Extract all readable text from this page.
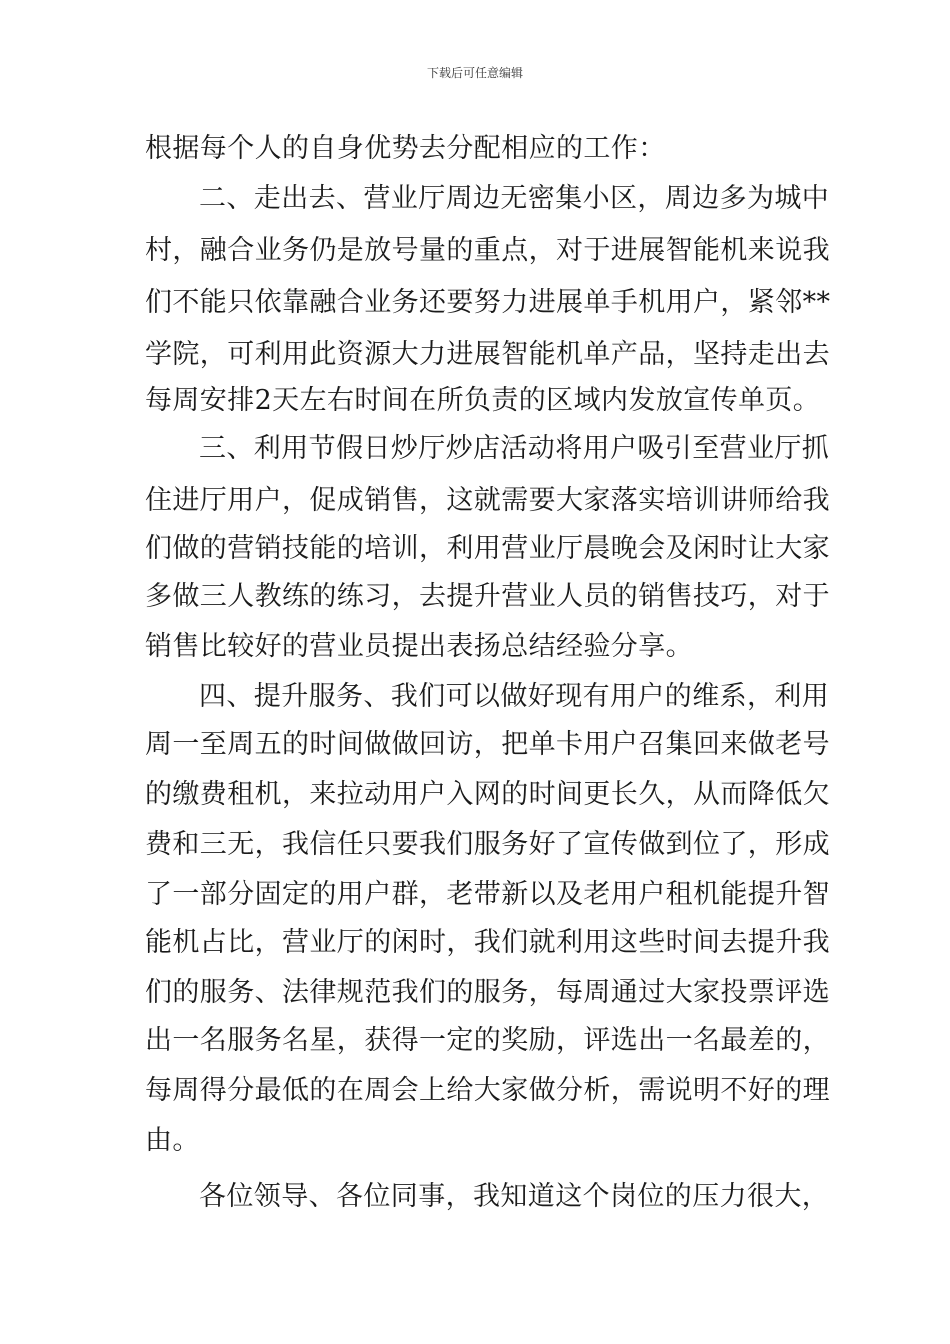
下载后可任意编辑
根据每个人的自身优势去分配相应的工作：
二、走出去、营业厅周边无密集小区，周边多为城中
村，融合业务仍是放号量的重点，对于进展智能机来说我
们不能只依靠融合业务还要努力进展单手机用户，紧邻**
学院，可利用此资源大力进展智能机单产品，坚持走出去
每周安排2天左右时间在所负责的区域内发放宣传单页。
三、利用节假日炒厅炒店活动将用户吸引至营业厅抓
住进厅用户，促成销售，这就需要大家落实培训讲师给我
们做的营销技能的培训，利用营业厅晨晚会及闲时让大家
多做三人教练的练习，去提升营业人员的销售技巧，对于
销售比较好的营业员提出表扬总结经验分享。
四、提升服务、我们可以做好现有用户的维系，利用
周一至周五的时间做做回访，把单卡用户召集回来做老号
的缴费租机，来拉动用户入网的时间更长久，从而降低欠
费和三无，我信任只要我们服务好了宣传做到位了，形成
了一部分固定的用户群，老带新以及老用户租机能提升智
能机占比，营业厅的闲时，我们就利用这些时间去提升我
们的服务、法律规范我们的服务，每周通过大家投票评选
出一名服务名星，获得一定的奖励，评选出一名最差的，
每周得分最低的在周会上给大家做分析，需说明不好的理
由。
各位领导、各位同事，我知道这个岗位的压力很大，
